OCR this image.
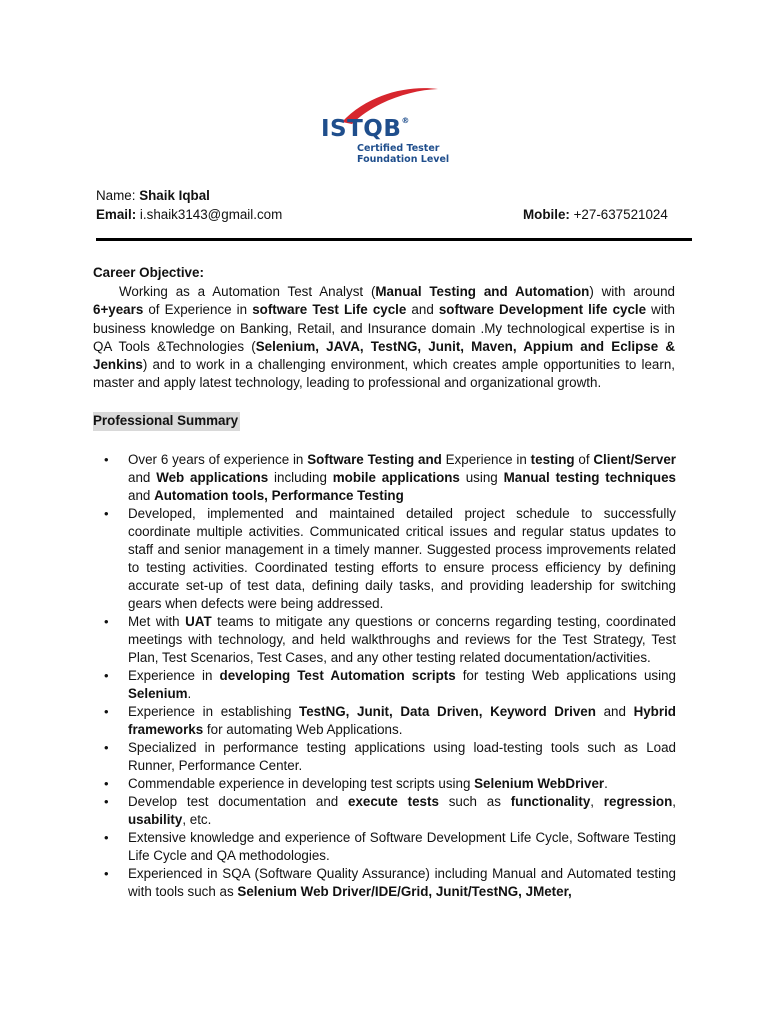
ISTQB®
Certified Tester
Foundation Level
Name: Shaik Iqbal
Email: i.shaik3143@gmail.com	Mobile: +27-637521024
Career Objective:
Working as a Automation Test Analyst (Manual Testing and Automation) with around 6+years of Experience in software Test Life cycle and software Development life cycle with business knowledge on Banking, Retail, and Insurance domain .My technological expertise is in QA Tools &Technologies (Selenium, JAVA, TestNG, Junit, Maven, Appium and Eclipse & Jenkins) and to work in a challenging environment, which creates ample opportunities to learn, master and apply latest technology, leading to professional and organizational growth.
Professional Summary
• Over 6 years of experience in Software Testing and Experience in testing of Client/Server and Web applications including mobile applications using Manual testing techniques and Automation tools, Performance Testing
• Developed, implemented and maintained detailed project schedule to successfully coordinate multiple activities. Communicated critical issues and regular status updates to staff and senior management in a timely manner. Suggested process improvements related to testing activities. Coordinated testing efforts to ensure process efficiency by defining accurate set-up of test data, defining daily tasks, and providing leadership for switching gears when defects were being addressed.
• Met with UAT teams to mitigate any questions or concerns regarding testing, coordinated meetings with technology, and held walkthroughs and reviews for the Test Strategy, Test Plan, Test Scenarios, Test Cases, and any other testing related documentation/activities.
• Experience in developing Test Automation scripts for testing Web applications using Selenium.
• Experience in establishing TestNG, Junit, Data Driven, Keyword Driven and Hybrid frameworks for automating Web Applications.
• Specialized in performance testing applications using load-testing tools such as Load Runner, Performance Center.
• Commendable experience in developing test scripts using Selenium WebDriver.
• Develop test documentation and execute tests such as functionality, regression, usability, etc.
• Extensive knowledge and experience of Software Development Life Cycle, Software Testing Life Cycle and QA methodologies.
• Experienced in SQA (Software Quality Assurance) including Manual and Automated testing with tools such as Selenium Web Driver/IDE/Grid, Junit/TestNG, JMeter,
